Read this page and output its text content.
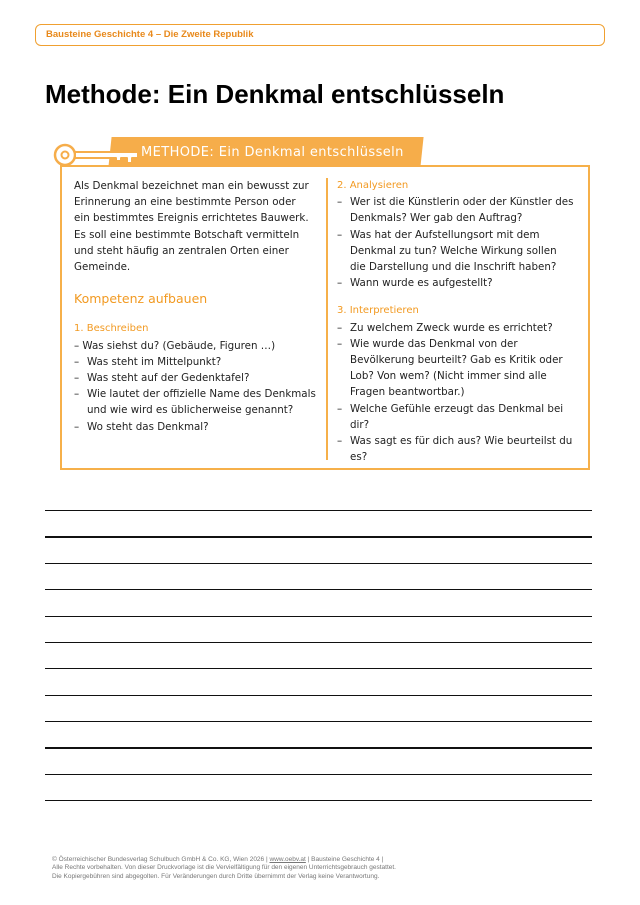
Bausteine Geschichte 4 – Die Zweite Republik
Methode: Ein Denkmal entschlüsseln
METHODE: Ein Denkmal entschlüsseln

Als Denkmal bezeichnet man ein bewusst zur
Erinnerung an eine bestimmte Person oder
ein bestimmtes Ereignis errichtetes Bauwerk.
Es soll eine bestimmte Botschaft vermitteln
und steht häufig an zentralen Orten einer
Gemeinde.

Kompetenz aufbauen
1. Beschreiben
– Was siehst du? (Gebäude, Figuren …)
– Was steht im Mittelpunkt?
– Was steht auf der Gedenktafel?
– Wie lautet der offizielle Name des Denkmals
und wie wird es üblicherweise genannt?
– Wo steht das Denkmal?
2. Analysieren
– Wer ist die Künstlerin oder der Künstler des
Denkmals? Wer gab den Auftrag?
– Was hat der Aufstellungsort mit dem
Denkmal zu tun? Welche Wirkung sollen
die Darstellung und die Inschrift haben?
– Wann wurde es aufgestellt?
3. Interpretieren
– Zu welchem Zweck wurde es errichtet?
– Wie wurde das Denkmal von der
Bevölkerung beurteilt? Gab es Kritik oder
Lob? Von wem? (Nicht immer sind alle
Fragen beantwortbar.)
– Welche Gefühle erzeugt das Denkmal bei dir?
– Was sagt es für dich aus? Wie beurteilst du es?
© Österreichischer Bundesverlag Schulbuch GmbH & Co. KG, Wien 2026 | www.oebv.at | Bausteine Geschichte 4 |
Alle Rechte vorbehalten. Von dieser Druckvorlage ist die Vervielfältigung für den eigenen Unterrichtsgebrauch gestattet.
Die Kopiergebühren sind abgegolten. Für Veränderungen durch Dritte übernimmt der Verlag keine Verantwortung.
